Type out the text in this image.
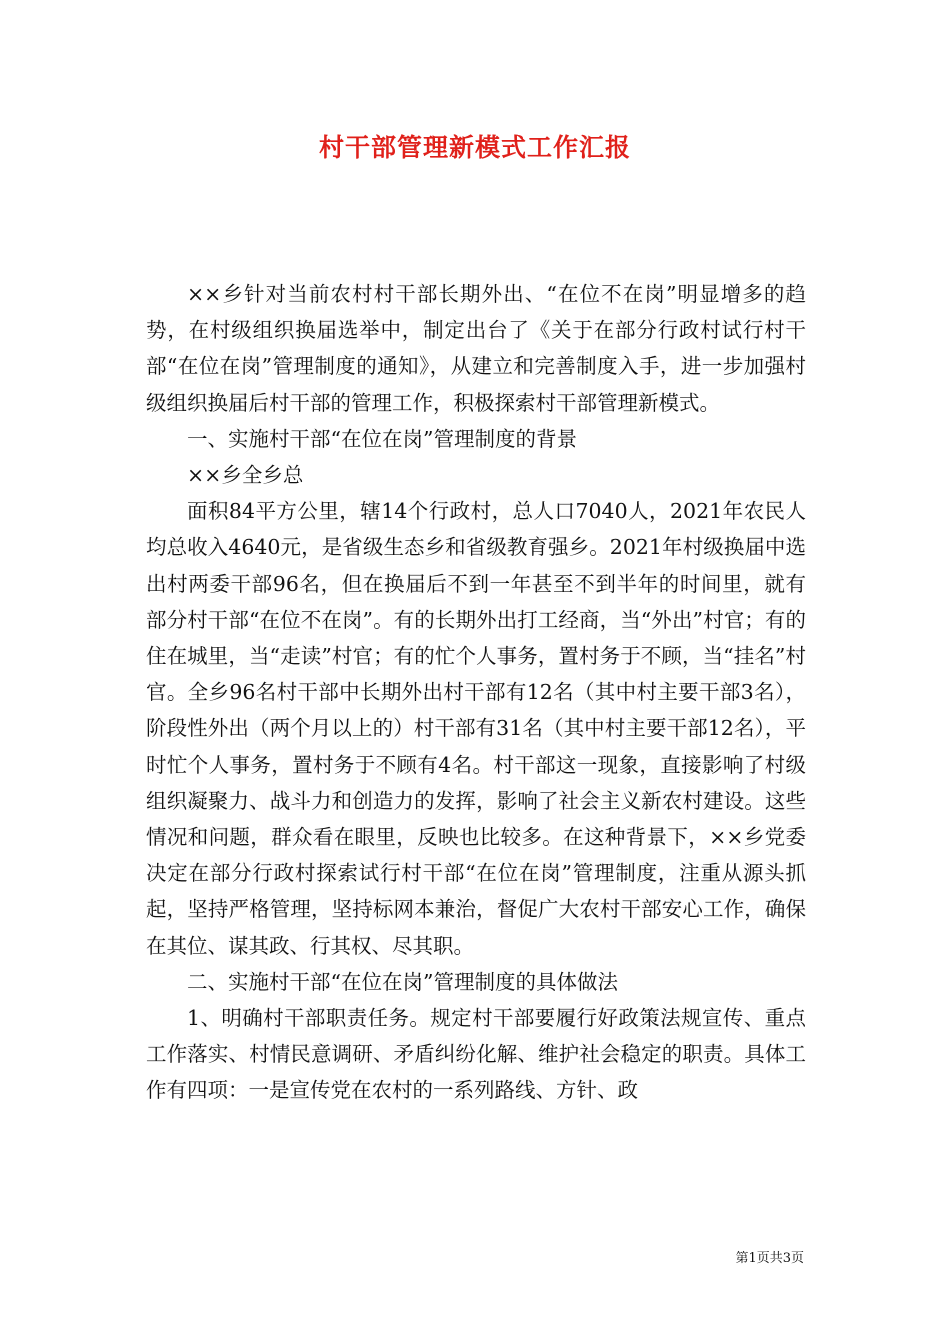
村干部管理新模式工作汇报

××乡针对当前农村村干部长期外出、“在位不在岗”明显增多的趋势，在村级组织换届选举中，制定出台了《关于在部分行政村试行村干部“在位在岗”管理制度的通知》，从建立和完善制度入手，进一步加强村级组织换届后村干部的管理工作，积极探索村干部管理新模式。

一、实施村干部“在位在岗”管理制度的背景

××乡全乡总

面积84平方公里，辖14个行政村，总人口7040人，2021年农民人均总收入4640元，是省级生态乡和省级教育强乡。2021年村级换届中选出村两委干部96名，但在换届后不到一年甚至不到半年的时间里，就有部分村干部“在位不在岗”。有的长期外出打工经商，当“外出”村官；有的住在城里，当“走读”村官；有的忙个人事务，置村务于不顾，当“挂名”村官。全乡96名村干部中长期外出村干部有12名（其中村主要干部3名），阶段性外出（两个月以上的）村干部有31名（其中村主要干部12名），平时忙个人事务，置村务于不顾有4名。村干部这一现象，直接影响了村级组织凝聚力、战斗力和创造力的发挥，影响了社会主义新农村建设。这些情况和问题，群众看在眼里，反映也比较多。在这种背景下，××乡党委决定在部分行政村探索试行村干部“在位在岗”管理制度，注重从源头抓起，坚持严格管理，坚持标网本兼治，督促广大农村干部安心工作，确保在其位、谋其政、行其权、尽其职。

二、实施村干部“在位在岗”管理制度的具体做法

1、明确村干部职责任务。规定村干部要履行好政策法规宣传、重点工作落实、村情民意调研、矛盾纠纷化解、维护社会稳定的职责。具体工作有四项：一是宣传党在农村的一系列路线、方针、政

第1页共3页
